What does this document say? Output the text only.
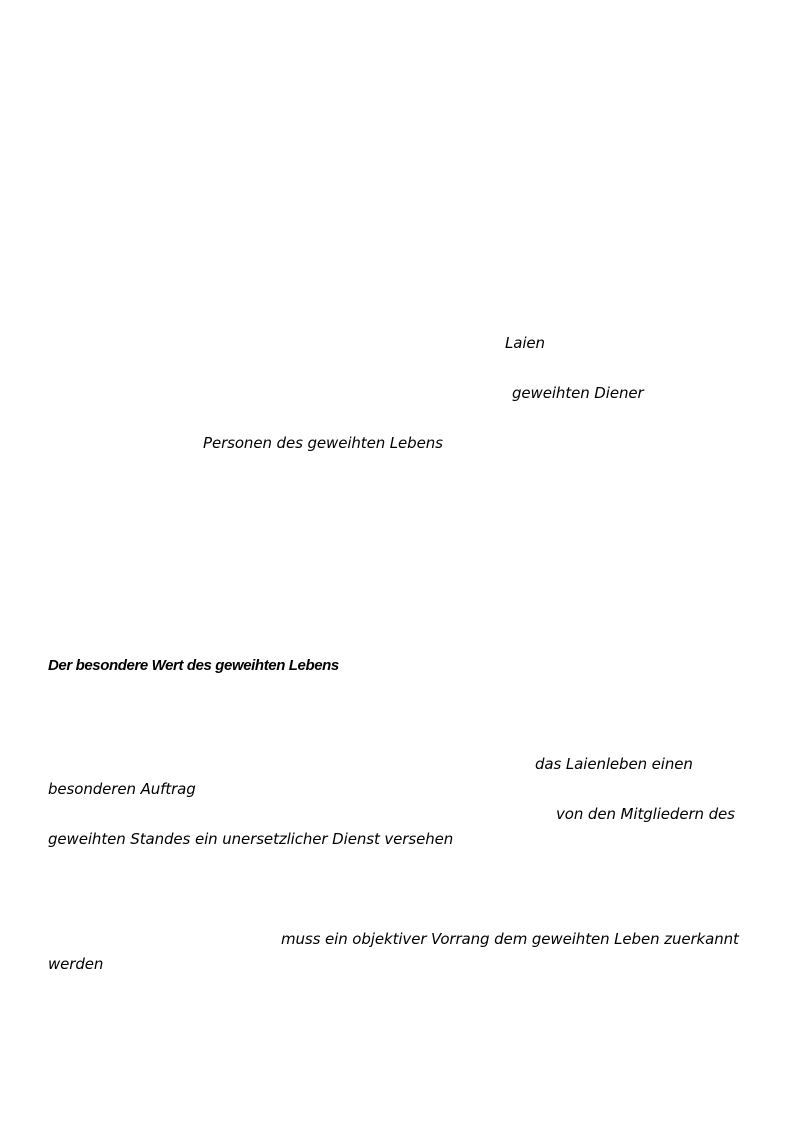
Laien
geweihten Diener
Personen des geweihten Lebens
Der besondere Wert des geweihten Lebens
das Laienleben einen
besonderen Auftrag
von den Mitgliedern des
geweihten Standes ein unersetzlicher Dienst versehen
muss ein objektiver Vorrang dem geweihten Leben zuerkannt
werden
